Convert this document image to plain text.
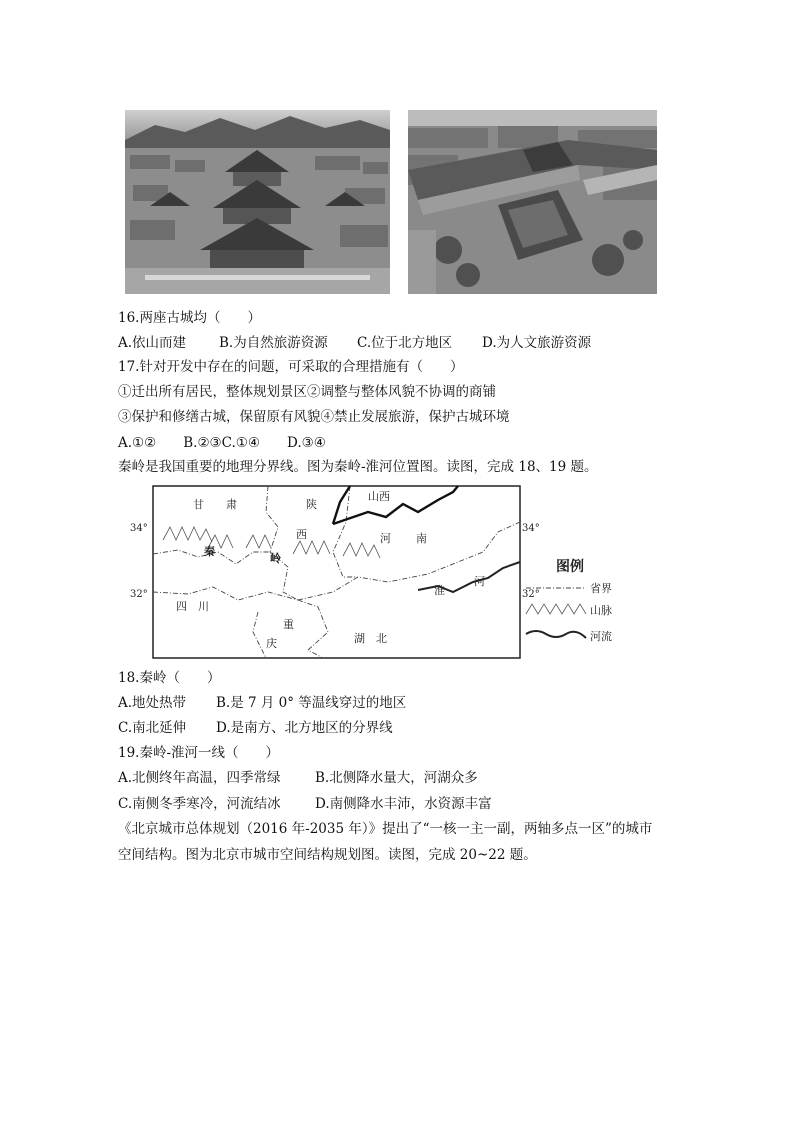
16.两座古城均（　　）
A.依山而建 B.为自然旅游资源 C.位于北方地区 D.为人文旅游资源
17.针对开发中存在的问题，可采取的合理措施有（　　）
①迁出所有居民，整体规划景区②调整与整体风貌不协调的商铺
③保护和修缮古城，保留原有风貌④禁止发展旅游，保护古城环境
A.①②　　B.②③C.①④　　D.③④
秦岭是我国重要的地理分界线。图为秦岭-淮河位置图。读图，完成 18、19 题。
甘 肃	陕
西
山西
河 南
秦
岭
淮
河
四　川
重
庆	湖　北
34°	34°
32°	32°
图例
省界
山脉
河流
18.秦岭（　　）
A.地处热带 B.是 7 月 0° 等温线穿过的地区
C.南北延伸 D.是南方、北方地区的分界线
19.秦岭-淮河一线（　　）
A.北侧终年高温，四季常绿	B.北侧降水量大，河湖众多
C.南侧冬季寒冷，河流结冰	D.南侧降水丰沛，水资源丰富
《北京城市总体规划（2016 年-2035 年）》提出了“一核一主一副，两轴多点一区”的城市
空间结构。图为北京市城市空间结构规划图。读图，完成 20~22 题。
